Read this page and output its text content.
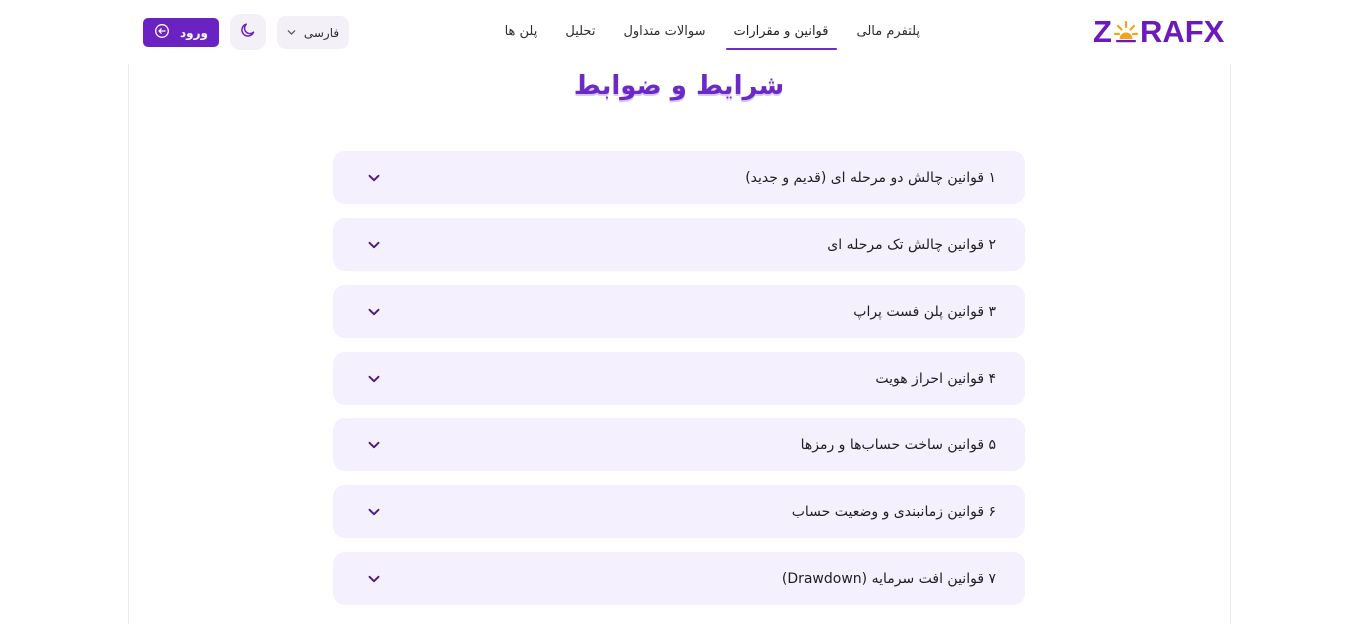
Z RAFX
پلتفرم مالی
قوانین و مقرارات
سوالات متداول
تحلیل
پلن ها
فارسی
ورود
شرایط و ضوابط
۱ قوانین چالش دو مرحله ای (قدیم و جدید)
۲ قوانین چالش تک مرحله ای
۳ قوانین پلن فست پراپ
۴ قوانین احراز هویت
۵ قوانین ساخت حساب‌ها و رمزها
۶ قوانین زمانبندی و وضعیت حساب
۷ قوانین افت سرمایه (Drawdown)
